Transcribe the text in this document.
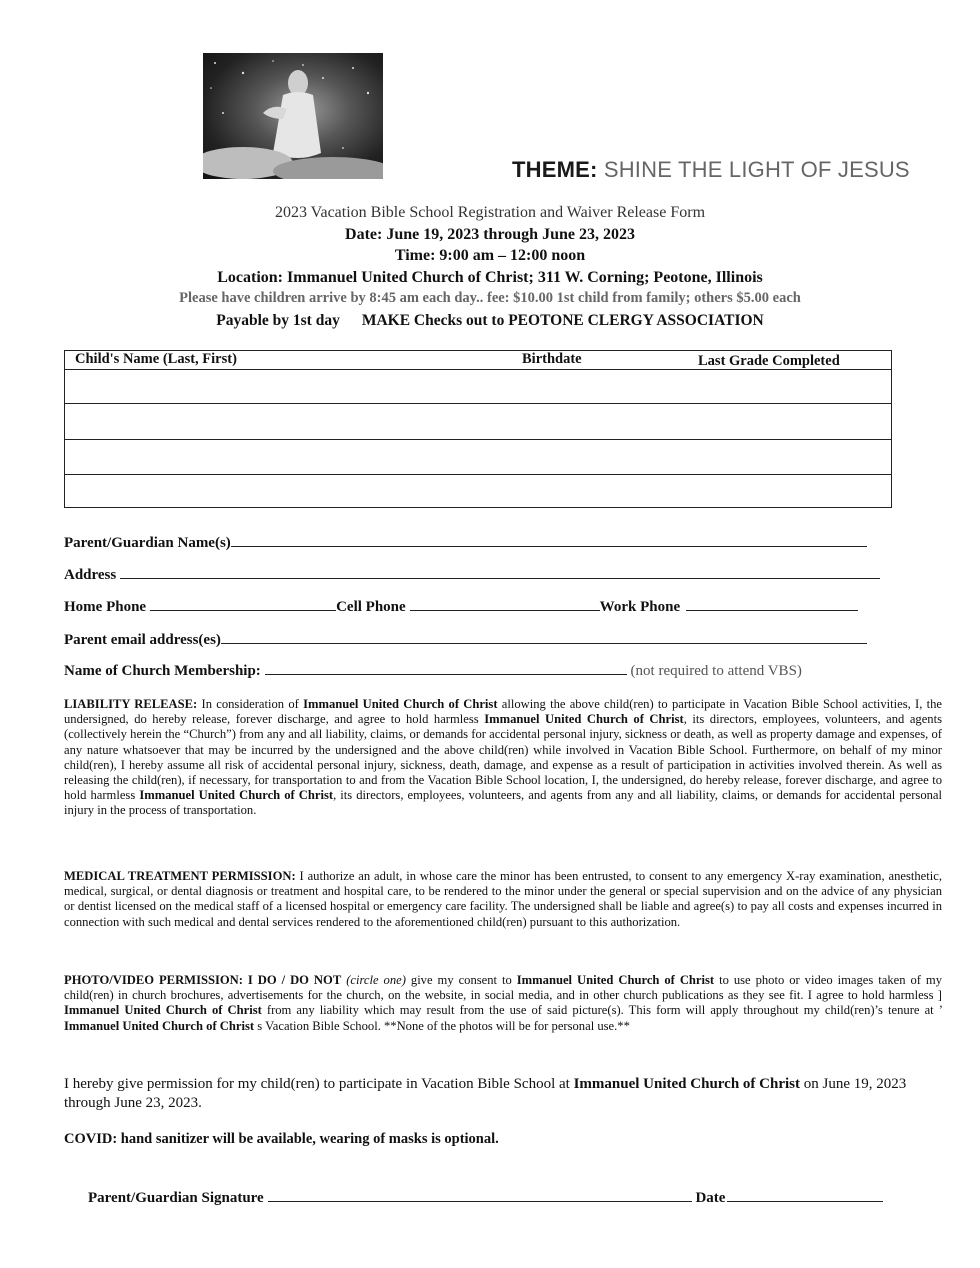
THEME: SHINE THE LIGHT OF JESUS
2023 Vacation Bible School Registration and Waiver Release Form
Date: June 19, 2023 through June 23, 2023
Time: 9:00 am – 12:00 noon
Location: Immanuel United Church of Christ; 311 W. Corning; Peotone, Illinois
Please have children arrive by 8:45 am each day.. fee: $10.00 1st child from family; others $5.00 each
Payable by 1st day MAKE Checks out to PEOTONE CLERGY ASSOCIATION
Child's Name (Last, First)	Birthdate	Last Grade Completed
Parent/Guardian Name(s)
Address
Home Phone	Cell Phone	Work Phone
Parent email address(es)
Name of Church Membership:	(not required to attend VBS)
LIABILITY RELEASE: In consideration of Immanuel United Church of Christ allowing the above child(ren) to participate in Vacation Bible School activities, I, the undersigned, do hereby release, forever discharge, and agree to hold harmless Immanuel United Church of Christ, its directors, employees, volunteers, and agents (collectively herein the “Church”) from any and all liability, claims, or demands for accidental personal injury, sickness or death, as well as property damage and expenses, of any nature whatsoever that may be incurred by the undersigned and the above child(ren) while involved in Vacation Bible School. Furthermore, on behalf of my minor child(ren), I hereby assume all risk of accidental personal injury, sickness, death, damage, and expense as a result of participation in activities involved therein. As well as releasing the child(ren), if necessary, for transportation to and from the Vacation Bible School location, I, the undersigned, do hereby release, forever discharge, and agree to hold harmless Immanuel United Church of Christ, its directors, employees, volunteers, and agents from any and all liability, claims, or demands for accidental personal injury in the process of transportation.
MEDICAL TREATMENT PERMISSION: I authorize an adult, in whose care the minor has been entrusted, to consent to any emergency X-ray examination, anesthetic, medical, surgical, or dental diagnosis or treatment and hospital care, to be rendered to the minor under the general or special supervision and on the advice of any physician or dentist licensed on the medical staff of a licensed hospital or emergency care facility. The undersigned shall be liable and agree(s) to pay all costs and expenses incurred in connection with such medical and dental services rendered to the aforementioned child(ren) pursuant to this authorization.
PHOTO/VIDEO PERMISSION: I DO / DO NOT (circle one) give my consent to Immanuel United Church of Christ to use photo or video images taken of my child(ren) in church brochures, advertisements for the church, on the website, in social media, and in other church publications as they see fit. I agree to hold harmless ] Immanuel United Church of Christ from any liability which may result from the use of said picture(s). This form will apply throughout my child(ren)’s tenure at ’ Immanuel United Church of Christ s Vacation Bible School. **None of the photos will be for personal use.**
I hereby give permission for my child(ren) to participate in Vacation Bible School at Immanuel United Church of Christ on June 19, 2023 through June 23, 2023.
COVID: hand sanitizer will be available, wearing of masks is optional.
Parent/Guardian Signature	Date
